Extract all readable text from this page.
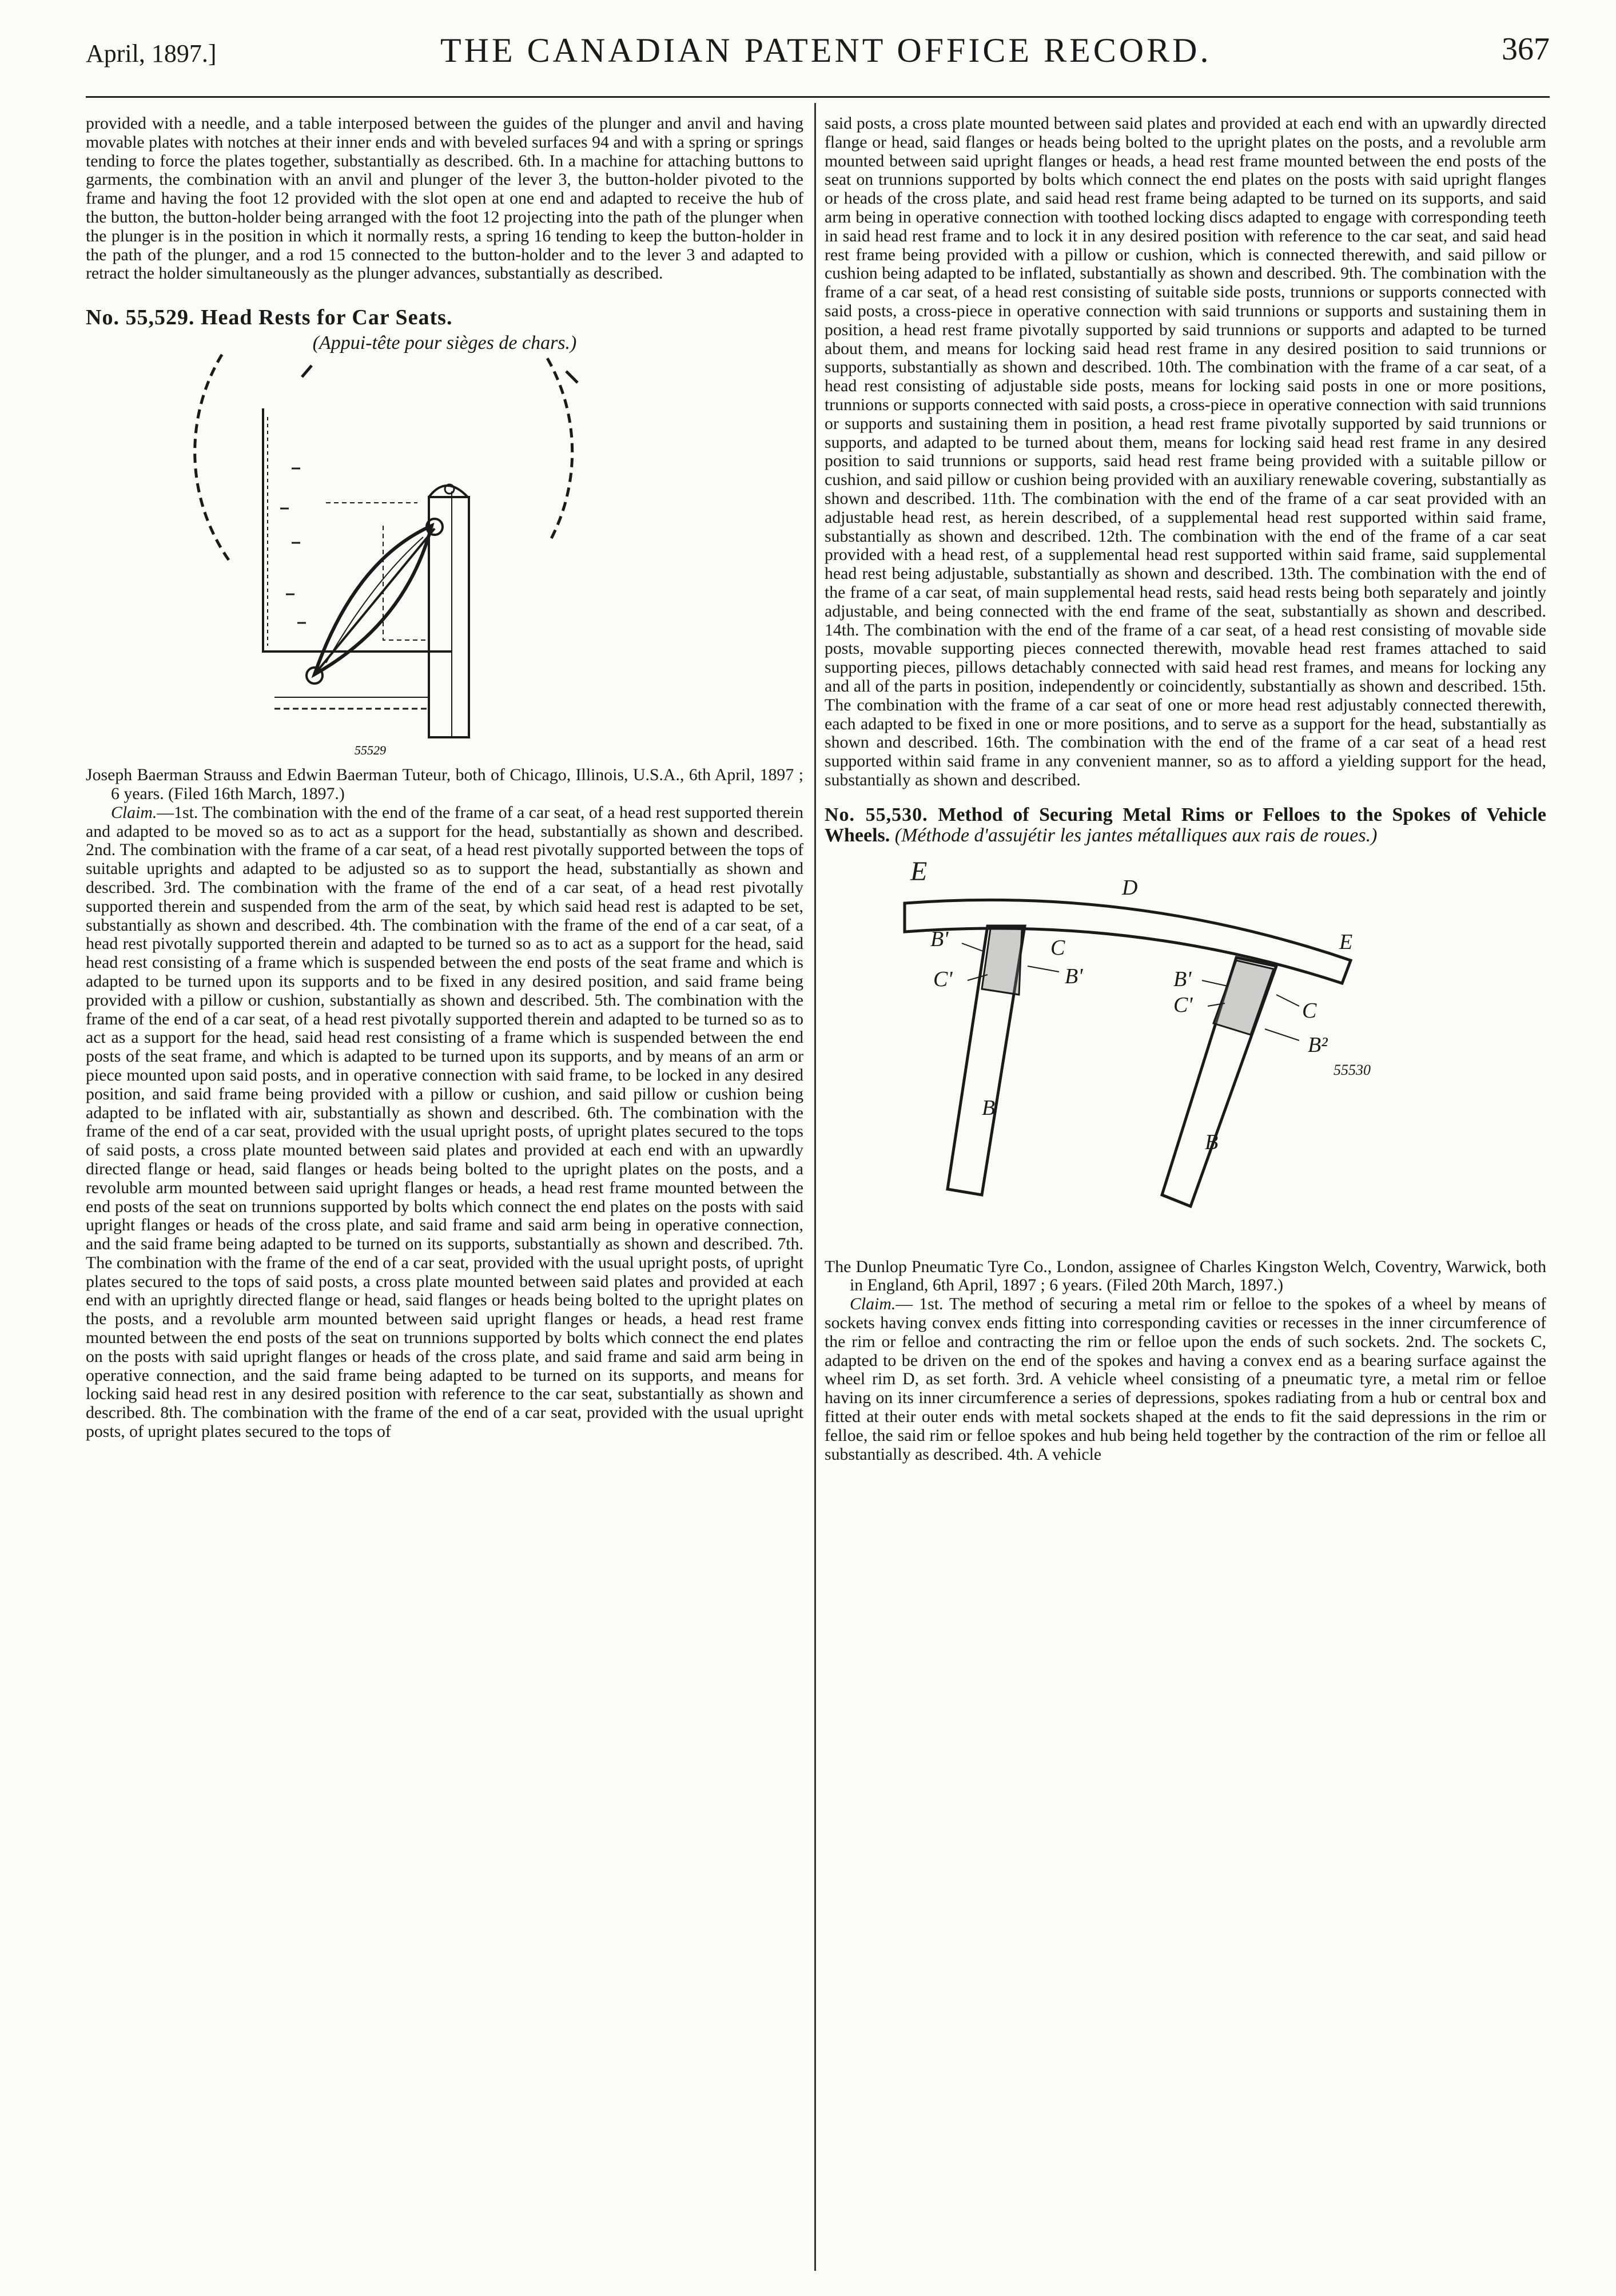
April, 1897.]	THE CANADIAN PATENT OFFICE RECORD.	367

provided with a needle, and a table interposed between the guides of the plunger and anvil and having movable plates with notches at their inner ends and with beveled surfaces 94 and with a spring or springs tending to force the plates together, substantially as described. 6th. In a machine for attaching buttons to garments, the combination with an anvil and plunger of the lever 3, the button-holder pivoted to the frame and having the foot 12 provided with the slot open at one end and adapted to receive the hub of the button, the button-holder being arranged with the foot 12 projecting into the path of the plunger when the plunger is in the position in which it normally rests, a spring 16 tending to keep the button-holder in the path of the plunger, and a rod 15 connected to the button-holder and to the lever 3 and adapted to retract the holder simultaneously as the plunger advances, substantially as described.

No. 55,529. Head Rests for Car Seats.

(Appui-tête pour sièges de chars.)

55529

Joseph Baerman Strauss and Edwin Baerman Tuteur, both of Chicago, Illinois, U.S.A., 6th April, 1897 ; 6 years. (Filed 16th March, 1897.)

Claim.—1st. The combination with the end of the frame of a car seat, of a head rest supported therein and adapted to be moved so as to act as a support for the head, substantially as shown and described. 2nd. The combination with the frame of a car seat, of a head rest pivotally supported between the tops of suitable uprights and adapted to be adjusted so as to support the head, substantially as shown and described. 3rd. The combination with the frame of the end of a car seat, of a head rest pivotally supported therein and suspended from the arm of the seat, by which said head rest is adapted to be set, substantially as shown and described. 4th. The combination with the frame of the end of a car seat, of a head rest pivotally supported therein and adapted to be turned so as to act as a support for the head, said head rest consisting of a frame which is suspended between the end posts of the seat frame and which is adapted to be turned upon its supports and to be fixed in any desired position, and said frame being provided with a pillow or cushion, substantially as shown and described. 5th. The combination with the frame of the end of a car seat, of a head rest pivotally supported therein and adapted to be turned so as to act as a support for the head, said head rest consisting of a frame which is suspended between the end posts of the seat frame, and which is adapted to be turned upon its supports, and by means of an arm or piece mounted upon said posts, and in operative connection with said frame, to be locked in any desired position, and said frame being provided with a pillow or cushion, and said pillow or cushion being adapted to be inflated with air, substantially as shown and described. 6th. The combination with the frame of the end of a car seat, provided with the usual upright posts, of upright plates secured to the tops of said posts, a cross plate mounted between said plates and provided at each end with an upwardly directed flange or head, said flanges or heads being bolted to the upright plates on the posts, and a revoluble arm mounted between said upright flanges or heads, a head rest frame mounted between the end posts of the seat on trunnions supported by bolts which connect the end plates on the posts with said upright flanges or heads of the cross plate, and said frame and said arm being in operative connection, and the said frame being adapted to be turned on its supports, substantially as shown and described. 7th. The combination with the frame of the end of a car seat, provided with the usual upright posts, of upright plates secured to the tops of said posts, a cross plate mounted between said plates and provided at each end with an uprightly directed flange or head, said flanges or heads being bolted to the upright plates on the posts, and a revoluble arm mounted between said upright flanges or heads, a head rest frame mounted between the end posts of the seat on trunnions supported by bolts which connect the end plates on the posts with said upright flanges or heads of the cross plate, and said frame and said arm being in operative connection, and the said frame being adapted to be turned on its supports, and means for locking said head rest in any desired position with reference to the car seat, substantially as shown and described. 8th. The combination with the frame of the end of a car seat, provided with the usual upright posts, of upright plates secured to the tops of

said posts, a cross plate mounted between said plates and provided at each end with an upwardly directed flange or head, said flanges or heads being bolted to the upright plates on the posts, and a revoluble arm mounted between said upright flanges or heads, a head rest frame mounted between the end posts of the seat on trunnions supported by bolts which connect the end plates on the posts with said upright flanges or heads of the cross plate, and said head rest frame being adapted to be turned on its supports, and said arm being in operative connection with toothed locking discs adapted to engage with corresponding teeth in said head rest frame and to lock it in any desired position with reference to the car seat, and said head rest frame being provided with a pillow or cushion, which is connected therewith, and said pillow or cushion being adapted to be inflated, substantially as shown and described. 9th. The combination with the frame of a car seat, of a head rest consisting of suitable side posts, trunnions or supports connected with said posts, a cross-piece in operative connection with said trunnions or supports and sustaining them in position, a head rest frame pivotally supported by said trunnions or supports and adapted to be turned about them, and means for locking said head rest frame in any desired position to said trunnions or supports, substantially as shown and described. 10th. The combination with the frame of a car seat, of a head rest consisting of adjustable side posts, means for locking said posts in one or more positions, trunnions or supports connected with said posts, a cross-piece in operative connection with said trunnions or supports and sustaining them in position, a head rest frame pivotally supported by said trunnions or supports, and adapted to be turned about them, means for locking said head rest frame in any desired position to said trunnions or supports, said head rest frame being provided with a suitable pillow or cushion, and said pillow or cushion being provided with an auxiliary renewable covering, substantially as shown and described. 11th. The combination with the end of the frame of a car seat provided with an adjustable head rest, as herein described, of a supplemental head rest supported within said frame, substantially as shown and described. 12th. The combination with the end of the frame of a car seat provided with a head rest, of a supplemental head rest supported within said frame, said supplemental head rest being adjustable, substantially as shown and described. 13th. The combination with the end of the frame of a car seat, of main supplemental head rests, said head rests being both separately and jointly adjustable, and being connected with the end frame of the seat, substantially as shown and described. 14th. The combination with the end of the frame of a car seat, of a head rest consisting of movable side posts, movable supporting pieces connected therewith, movable head rest frames attached to said supporting pieces, pillows detachably connected with said head rest frames, and means for locking any and all of the parts in position, independently or coincidently, substantially as shown and described. 15th. The combination with the frame of a car seat of one or more head rest adjustably connected therewith, each adapted to be fixed in one or more positions, and to serve as a support for the head, substantially as shown and described. 16th. The combination with the end of the frame of a car seat of a head rest supported within said frame in any convenient manner, so as to afford a yielding support for the head, substantially as shown and described.

No. 55,530. Method of Securing Metal Rims or Felloes to the Spokes of Vehicle Wheels. (Méthode d'assujétir les jantes métalliques aux rais de roues.)

E
D
E
B'
C'
C
B'
B
B'
C'	C
B²
B
55530

The Dunlop Pneumatic Tyre Co., London, assignee of Charles Kingston Welch, Coventry, Warwick, both in England, 6th April, 1897 ; 6 years. (Filed 20th March, 1897.)

Claim.— 1st. The method of securing a metal rim or felloe to the spokes of a wheel by means of sockets having convex ends fitting into corresponding cavities or recesses in the inner circumference of the rim or felloe and contracting the rim or felloe upon the ends of such sockets. 2nd. The sockets C, adapted to be driven on the end of the spokes and having a convex end as a bearing surface against the wheel rim D, as set forth. 3rd. A vehicle wheel consisting of a pneumatic tyre, a metal rim or felloe having on its inner circumference a series of depressions, spokes radiating from a hub or central box and fitted at their outer ends with metal sockets shaped at the ends to fit the said depressions in the rim or felloe, the said rim or felloe spokes and hub being held together by the contraction of the rim or felloe all substantially as described. 4th. A vehicle
